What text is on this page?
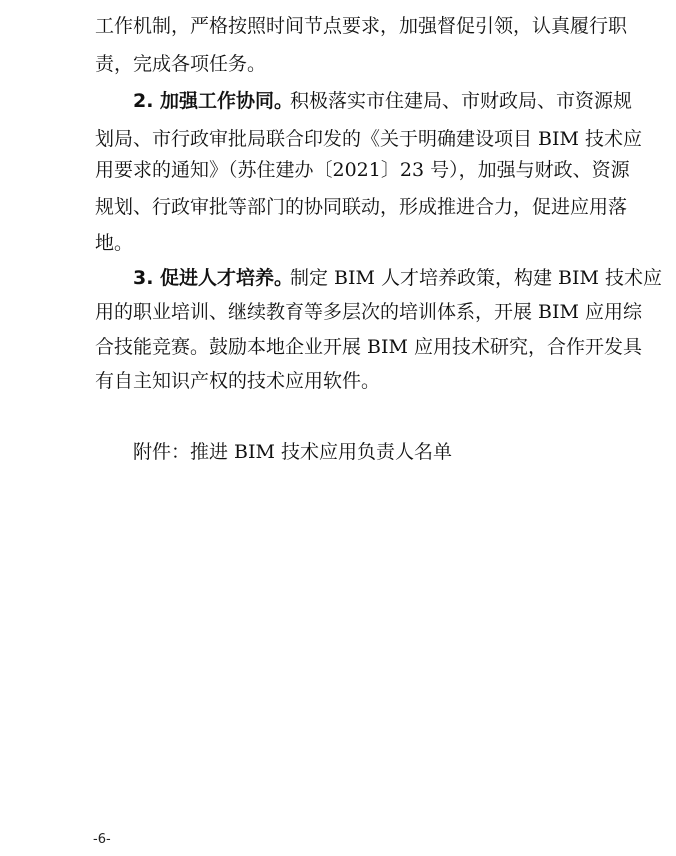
工作机制，严格按照时间节点要求，加强督促引领，认真履行职
责，完成各项任务。
2. 加强工作协同。
积极落实市住建局、市财政局、市资源规
划局、市行政审批局联合印发的《关于明确建设项目 BIM 技术应
用要求的通知》（苏住建办〔2021〕23 号），加强与财政、资源
规划、行政审批等部门的协同联动，形成推进合力，促进应用落
地。
3. 促进人才培养。
制定 BIM 人才培养政策，构建 BIM 技术应
用的职业培训、继续教育等多层次的培训体系，开展 BIM 应用综
合技能竞赛。鼓励本地企业开展 BIM 应用技术研究，合作开发具
有自主知识产权的技术应用软件。
附件：推进 BIM 技术应用负责人名单
-6-
